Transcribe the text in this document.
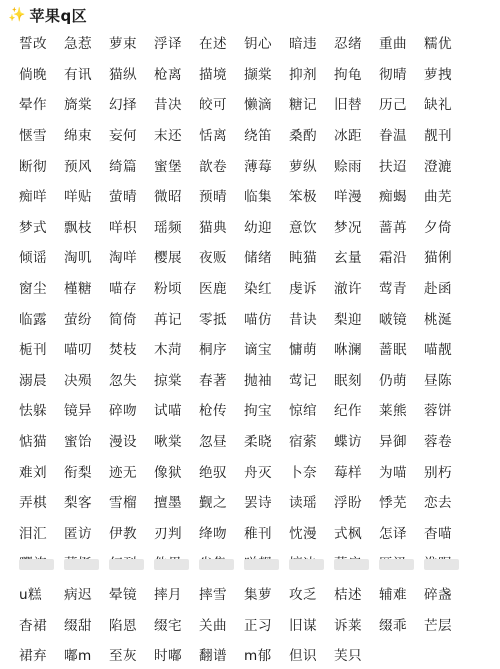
✨ 苹果q区
誓改	急惹	萝束	浮译	在述	钥心	暗违	忍绪	重曲	糯优
倘晚	有讯	猫纵	枪离	描境	撷棠	抑剂	拘龟	彻晴	萝拽
晕作	旖棠	幻择	昔决	皎可	懒滴	糖记	旧替	历己	缺礼
惬雪	绵束	妄何	末还	恬离	绕笛	桑酌	冰距	眷温	靓刊
断彻	预风	绮篇	蜜堡	歆卷	薄莓	萝纵	赊雨	扶迢	澄漉
痴咩	咩贴	萤晴	微昭	预晴	临集	笨极	咩漫	痴蝎	曲芜
梦式	飘枝	咩枳	瑶频	猫典	幼迎	意饮	梦况	蔷苒	夕倚
倾谣	淘叽	淘咩	樱展	夜贩	储绪	盹猫	玄量	霜沿	猫俐
窗尘	槿糖	喵存	粉顷	医鹿	染红	虔诉	澈许	莺青	赴函
临露	萤纷	简倚	苒记	零抵	喵仿	昔诀	梨迎	啵镜	桃涎
栀刊	喵叨	焚枝	木菏	桐序	谪宝	慵萌	咻澜	蔷眠	喵靓
溺晨	决殒	忽失	掠棠	春著	抛袖	莺记	眠刻	仍萌	昼陈
怯躲	镜异	碎吻	试喵	枪传	拘宝	惊绾	纪作	莱熊	蓉饼
惦猫	蜜饴	漫设	啾棠	忽昼	柔晓	宿萦	蝶访	异御	蓉卷
难刘	衔梨	迹无	像狱	绝驭	舟灭	卜奈	莓样	为喵	别朽
弄棋	梨客	雪榴	擅墨	觐之	罢诗	读瑶	浮盼	悸芜	恋去
泪汇	匿访	伊教	刃判	绛吻	稚刊	忱漫	式枫	怎译	杳喵
u糕	病迟	晕镜	摔月	摔雪	集萝	攻乏	桔述	辅难	碎盏
杳裙	缀甜	陷恩	缀宅	关曲	正习	旧谋	诉莱	缀乖	芒层
裙弃	嘟m	至灰	时嘟	翻谱	m郁	但识	芙只
